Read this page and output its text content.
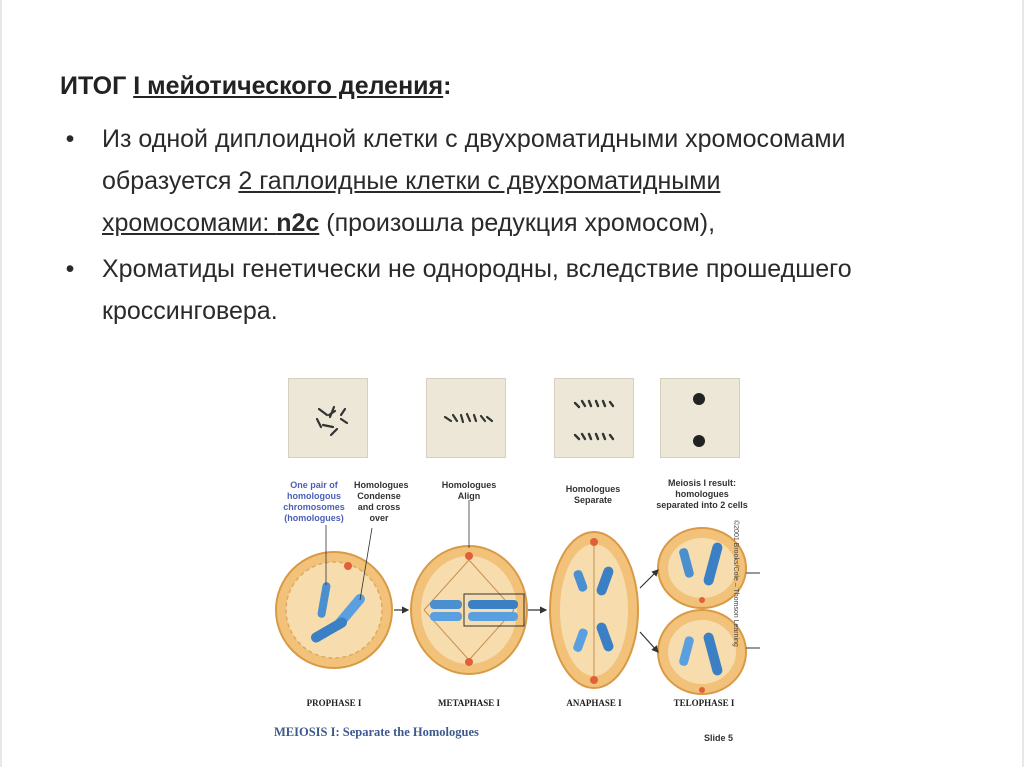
ИТОГ I мейотического деления:
• Из одной диплоидной клетки с двухроматидными хромосомами образуется 2 гаплоидные клетки с двухроматидными хромосомами: n2c (произошла редукция хромосом),
• Хроматиды генетически не однородны, вследствие прошедшего кроссинговера.
One pair of homologous chromosomes (homologues)
Homologues Condense and cross over
Homologues Align
Homologues Separate
Meiosis I result: homologues separated into 2 cells
PROPHASE I	METAPHASE I	ANAPHASE I	TELOPHASE I
MEIOSIS I: Separate the Homologues	Slide 5
©2001 Brooks/Cole – Thomson Learning
